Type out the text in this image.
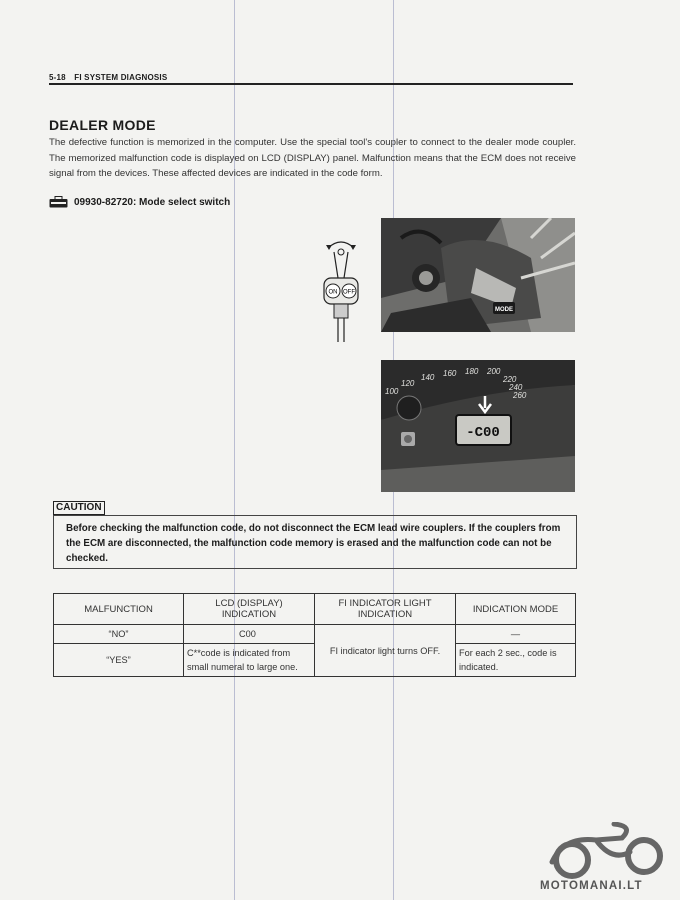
5-18 FI SYSTEM DIAGNOSIS
DEALER MODE
The defective function is memorized in the computer. Use the special tool's coupler to connect to the dealer mode coupler. The memorized malfunction code is displayed on LCD (DISPLAY) panel. Malfunction means that the ECM does not receive signal from the devices. These affected devices are indicated in the code form.
09930-82720: Mode select switch
ON OFF
MODE
140 160 180 200
220
240
260
120
100
-C00
CAUTION
Before checking the malfunction code, do not disconnect the ECM lead wire couplers. If the couplers from the ECM are disconnected, the malfunction code memory is erased and the malfunction code can not be checked.
MALFUNCTION	LCD (DISPLAY) INDICATION	FI INDICATOR LIGHT INDICATION	INDICATION MODE
“NO”	C00	FI indicator light turns OFF.	—
“YES”	C**code is indicated from small numeral to large one.		For each 2 sec., code is indicated.
MOTOMANAI.LT
